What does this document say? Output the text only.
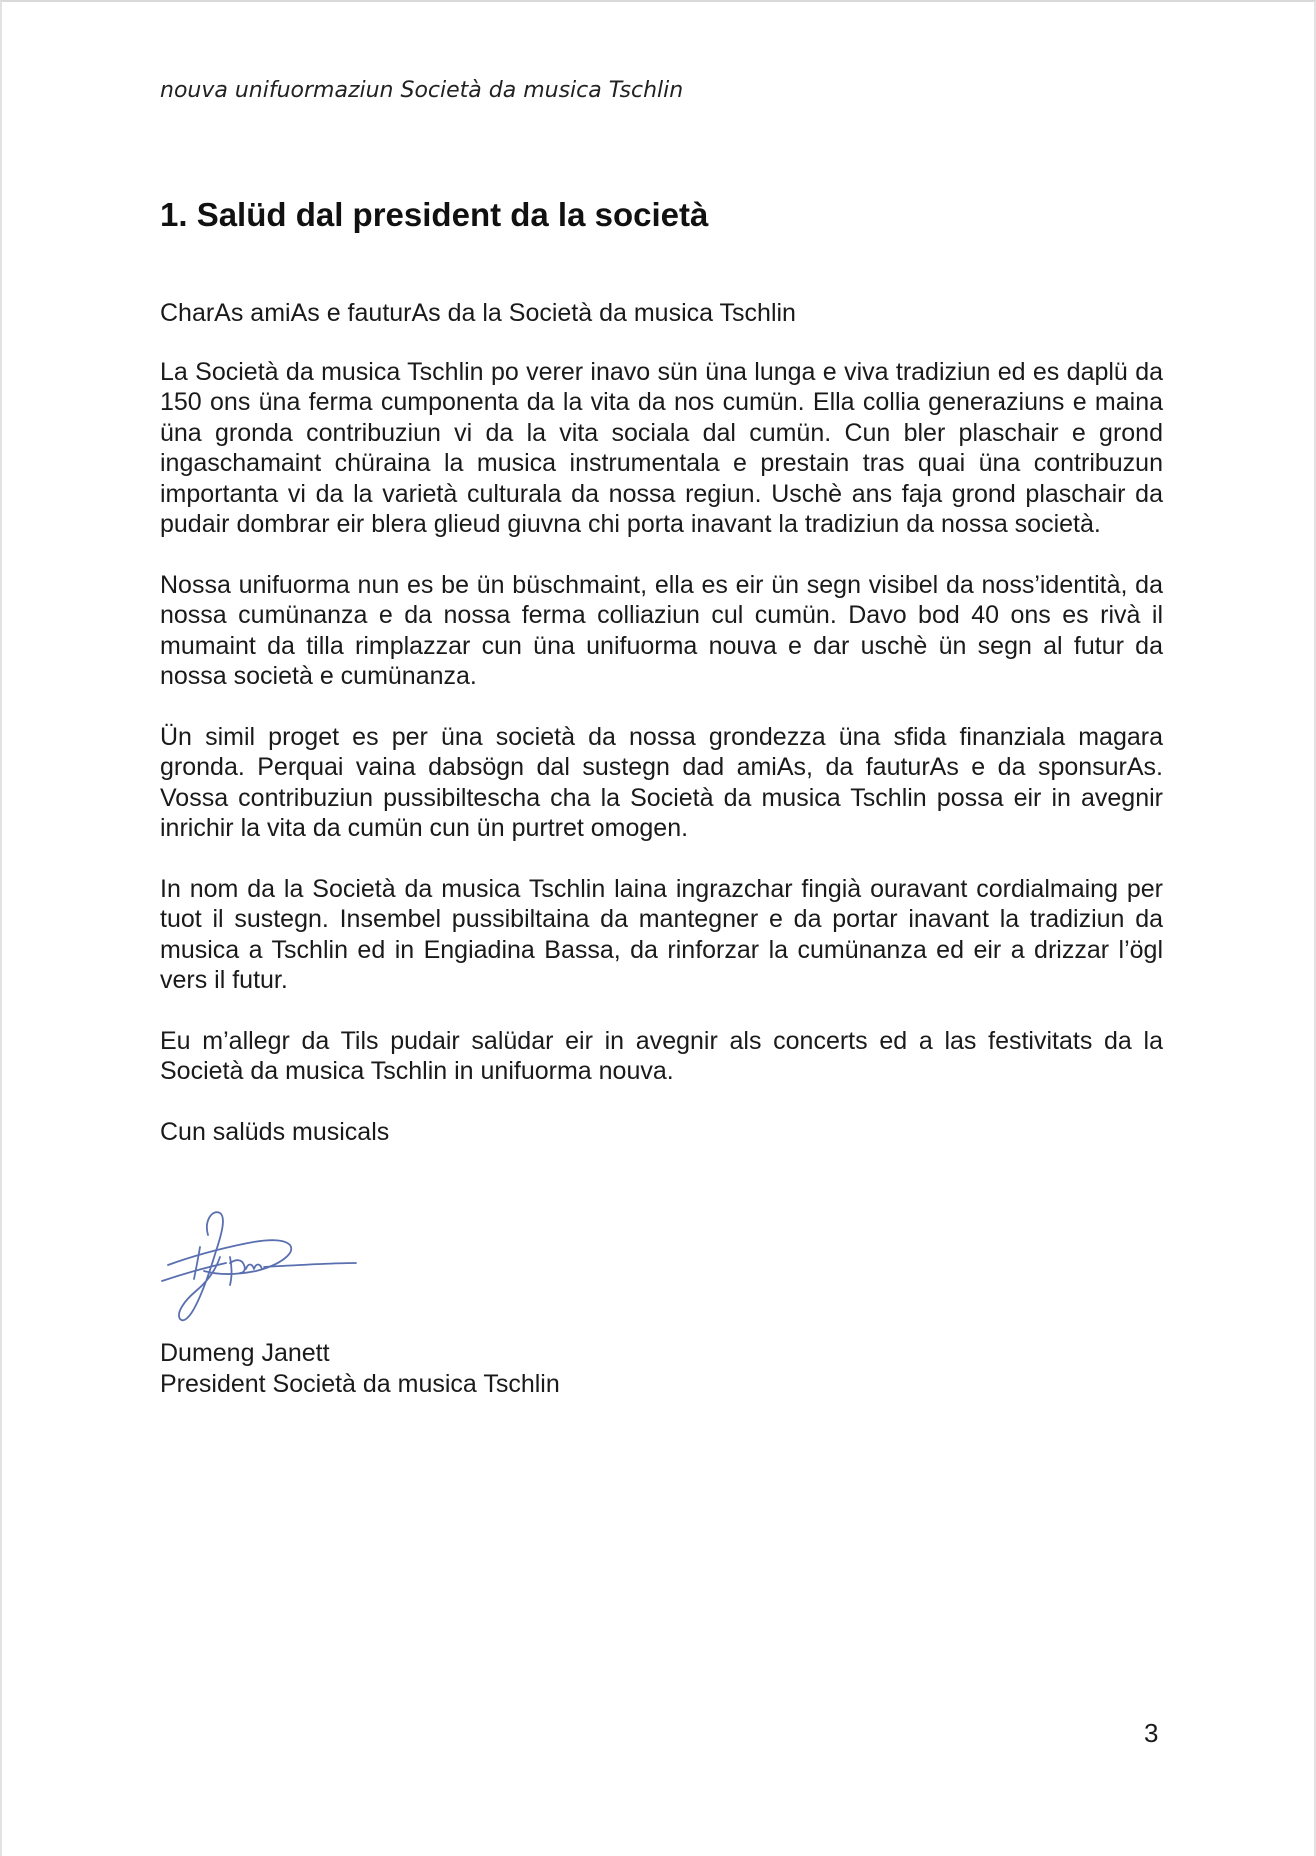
nouva unifuormaziun Società da musica Tschlin
1. Salüd dal president da la società

CharAs amiAs e fauturAs da la Società da musica Tschlin

La Società da musica Tschlin po verer inavo sün üna lunga e viva tradiziun ed es daplü da 150 ons üna ferma cumponenta da la vita da nos cumün. Ella collia generaziuns e maina üna gronda contribuziun vi da la vita sociala dal cumün. Cun bler plaschair e grond ingaschamaint chüraina la musica instrumentala e prestain tras quai üna contribuzun importanta vi da la varietà culturala da nossa regiun. Uschè ans faja grond plaschair da pudair dombrar eir blera glieud giuvna chi porta inavant la tradiziun da nossa società.

Nossa unifuorma nun es be ün büschmaint, ella es eir ün segn visibel da noss’identità, da nossa cumünanza e da nossa ferma colliaziun cul cumün. Davo bod 40 ons es rivà il mumaint da tilla rimplazzar cun üna unifuorma nouva e dar uschè ün segn al futur da nossa società e cumünanza.

Ün simil proget es per üna società da nossa grondezza üna sfida finanziala magara gronda. Perquai vaina dabsögn dal sustegn dad amiAs, da fauturAs e da sponsurAs. Vossa contribuziun pussibiltescha cha la Società da musica Tschlin possa eir in avegnir inrichir la vita da cumün cun ün purtret omogen.

In nom da la Società da musica Tschlin laina ingrazchar fingià ouravant cordialmaing per tuot il sustegn. Insembel pussibiltaina da mantegner e da portar inavant la tradiziun da musica a Tschlin ed in Engiadina Bassa, da rinforzar la cumünanza ed eir a drizzar l’ögl vers il futur.

Eu m’allegr da Tils pudair salüdar eir in avegnir als concerts ed a las festivitats da la Società da musica Tschlin in unifuorma nouva.

Cun salüds musicals

Dumeng Janett
President Società da musica Tschlin
3
